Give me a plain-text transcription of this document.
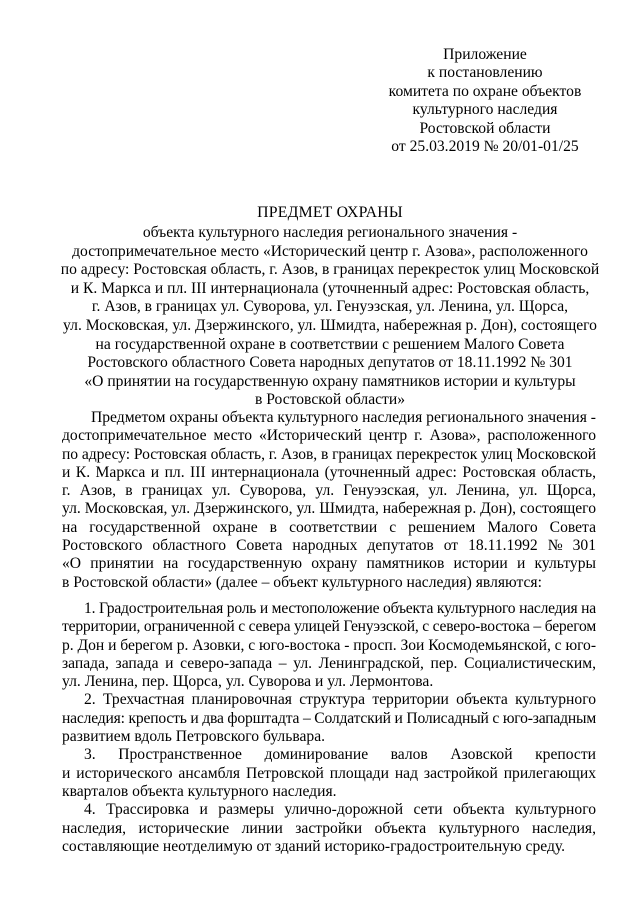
Приложение
к постановлению
комитета по охране объектов
культурного наследия
Ростовской области
от 25.03.2019 № 20/01-01/25
ПРЕДМЕТ ОХРАНЫ
объекта культурного наследия регионального значения -
достопримечательное место «Исторический центр г. Азова», расположенного
по адресу: Ростовская область, г. Азов, в границах перекресток улиц Московской
и К. Маркса и пл. III интернационала (уточненный адрес: Ростовская область,
г. Азов, в границах ул. Суворова, ул. Генуэзская, ул. Ленина, ул. Щорса,
ул. Московская, ул. Дзержинского, ул. Шмидта, набережная р. Дон), состоящего
на государственной охране в соответствии с решением Малого Совета
Ростовского областного Совета народных депутатов от 18.11.1992 № 301
«О принятии на государственную охрану памятников истории и культуры
в Ростовской области»
Предметом охраны объекта культурного наследия регионального значения -
достопримечательное место «Исторический центр г. Азова», расположенного
по адресу: Ростовская область, г. Азов, в границах перекресток улиц Московской
и К. Маркса и пл. III интернационала (уточненный адрес: Ростовская область,
г. Азов, в границах ул. Суворова, ул. Генуэзская, ул. Ленина, ул. Щорса,
ул. Московская, ул. Дзержинского, ул. Шмидта, набережная р. Дон), состоящего
на государственной охране в соответствии с решением Малого Совета
Ростовского областного Совета народных депутатов от 18.11.1992 № 301
«О принятии на государственную охрану памятников истории и культуры
в Ростовской области» (далее – объект культурного наследия) являются:
1. Градостроительная роль и местоположение объекта культурного наследия на
территории, ограниченной с севера улицей Генуэзской, с северо-востока – берегом
р. Дон и берегом р. Азовки, с юго-востока - просп. Зои Космодемьянской, с юго-
запада, запада и северо-запада – ул. Ленинградской, пер. Социалистическим,
ул. Ленина, пер. Щорса, ул. Суворова и ул. Лермонтова.
2. Трехчастная планировочная структура территории объекта культурного
наследия: крепость и два форштадта – Солдатский и Полисадный с юго-западным
развитием вдоль Петровского бульвара.
3. Пространственное доминирование валов Азовской крепости
и исторического ансамбля Петровской площади над застройкой прилегающих
кварталов объекта культурного наследия.
4. Трассировка и размеры улично-дорожной сети объекта культурного
наследия, исторические линии застройки объекта культурного наследия,
составляющие неотделимую от зданий историко-градостроительную среду.
